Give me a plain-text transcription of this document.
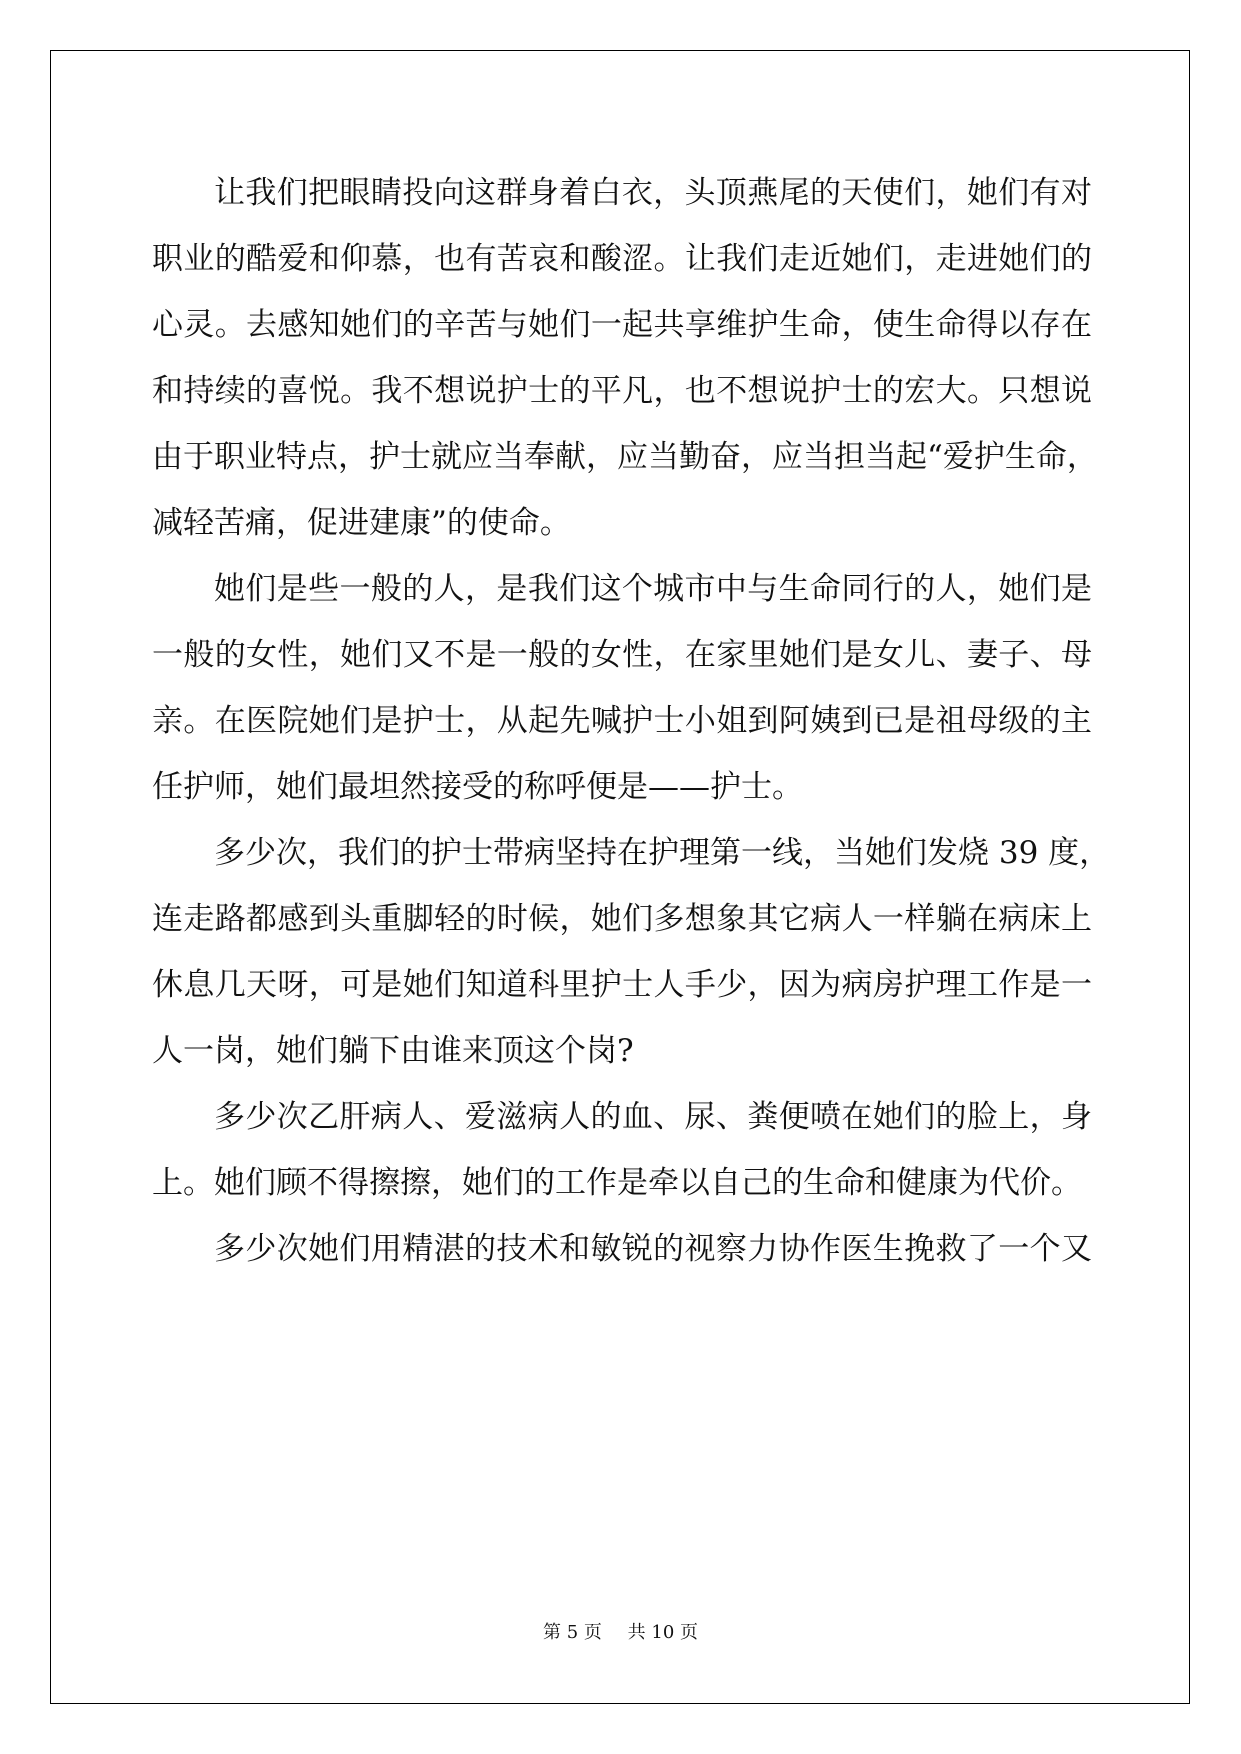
让我们把眼睛投向这群身着白衣，头顶燕尾的天使们，她们有对
职业的酷爱和仰慕，也有苦哀和酸涩。让我们走近她们，走进她们的
心灵。去感知她们的辛苦与她们一起共享维护生命，使生命得以存在
和持续的喜悦。我不想说护士的平凡，也不想说护士的宏大。只想说
由于职业特点，护士就应当奉献，应当勤奋，应当担当起“爱护生命，
减轻苦痛，促进建康”的使命。
她们是些一般的人，是我们这个城市中与生命同行的人，她们是
一般的女性，她们又不是一般的女性，在家里她们是女儿、妻子、母
亲。在医院她们是护士，从起先喊护士小姐到阿姨到已是祖母级的主
任护师，她们最坦然接受的称呼便是——护士。
多少次，我们的护士带病坚持在护理第一线，当她们发烧 39 度，
连走路都感到头重脚轻的时候，她们多想象其它病人一样躺在病床上
休息几天呀，可是她们知道科里护士人手少，因为病房护理工作是一
人一岗，她们躺下由谁来顶这个岗?
多少次乙肝病人、爱滋病人的血、尿、粪便喷在她们的脸上，身
上。她们顾不得擦擦，她们的工作是牵以自己的生命和健康为代价。
多少次她们用精湛的技术和敏锐的视察力协作医生挽救了一个又
第 5 页 共 10 页
